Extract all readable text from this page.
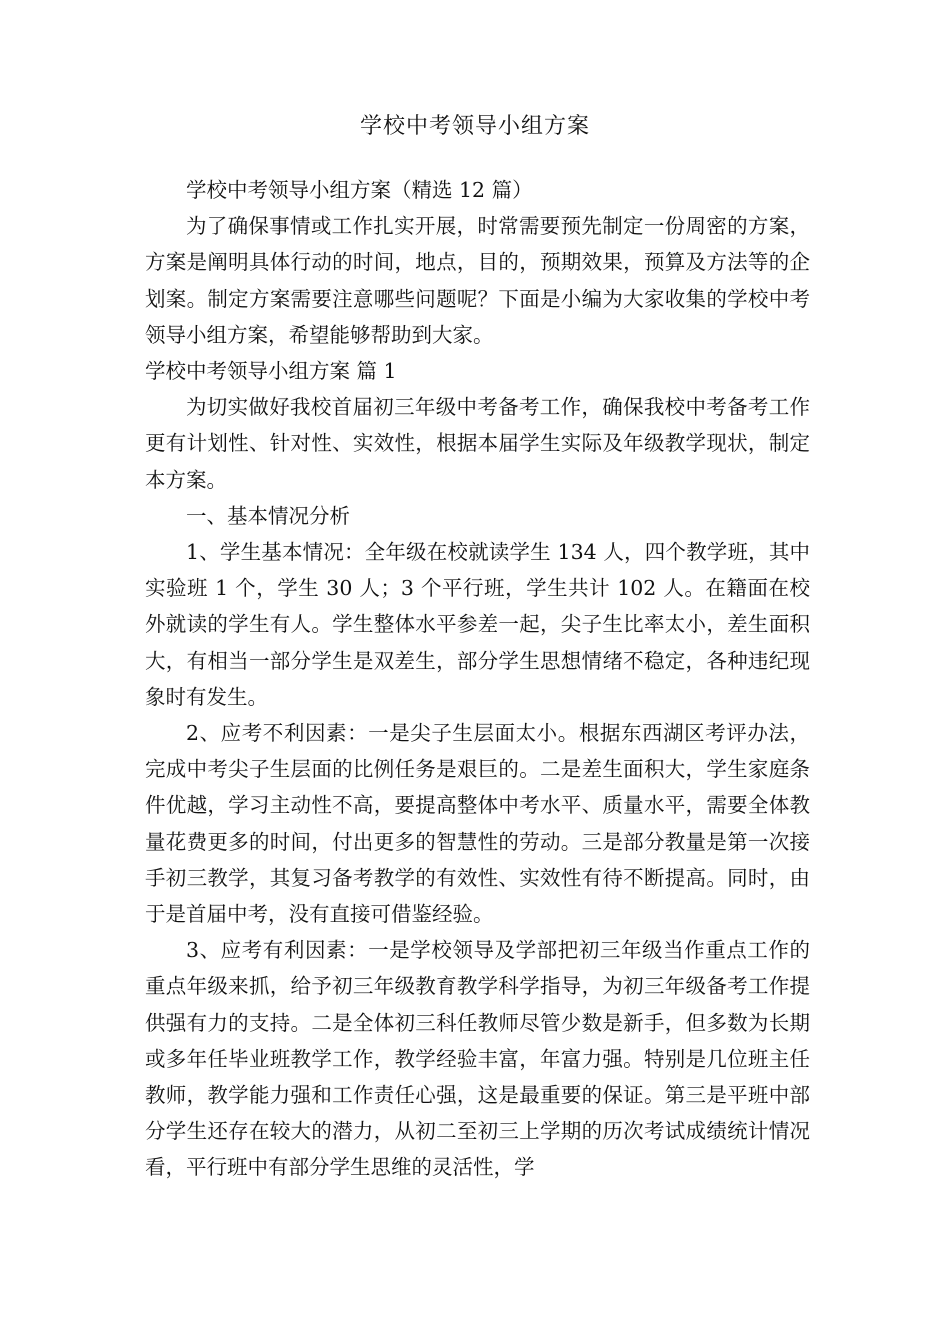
学校中考领导小组方案

学校中考领导小组方案（精选 12 篇）

为了确保事情或工作扎实开展，时常需要预先制定一份周密的方案，方案是阐明具体行动的时间，地点，目的，预期效果，预算及方法等的企划案。制定方案需要注意哪些问题呢？下面是小编为大家收集的学校中考领导小组方案，希望能够帮助到大家。

学校中考领导小组方案 篇 1

为切实做好我校首届初三年级中考备考工作，确保我校中考备考工作更有计划性、针对性、实效性，根据本届学生实际及年级教学现状，制定本方案。

一、基本情况分析

1、学生基本情况：全年级在校就读学生 134 人，四个教学班，其中实验班 1 个，学生 30 人；3 个平行班，学生共计 102 人。在籍面在校外就读的学生有人。学生整体水平参差一起，尖子生比率太小，差生面积大，有相当一部分学生是双差生，部分学生思想情绪不稳定，各种违纪现象时有发生。

2、应考不利因素：一是尖子生层面太小。根据东西湖区考评办法，完成中考尖子生层面的比例任务是艰巨的。二是差生面积大，学生家庭条件优越，学习主动性不高，要提高整体中考水平、质量水平，需要全体教量花费更多的时间，付出更多的智慧性的劳动。三是部分教量是第一次接手初三教学，其复习备考教学的有效性、实效性有待不断提高。同时，由于是首届中考，没有直接可借鉴经验。

3、应考有利因素：一是学校领导及学部把初三年级当作重点工作的重点年级来抓，给予初三年级教育教学科学指导，为初三年级备考工作提供强有力的支持。二是全体初三科任教师尽管少数是新手，但多数为长期或多年任毕业班教学工作，教学经验丰富，年富力强。特别是几位班主任教师，教学能力强和工作责任心强，这是最重要的保证。第三是平班中部分学生还存在较大的潜力，从初二至初三上学期的历次考试成绩统计情况看，平行班中有部分学生思维的灵活性，学
